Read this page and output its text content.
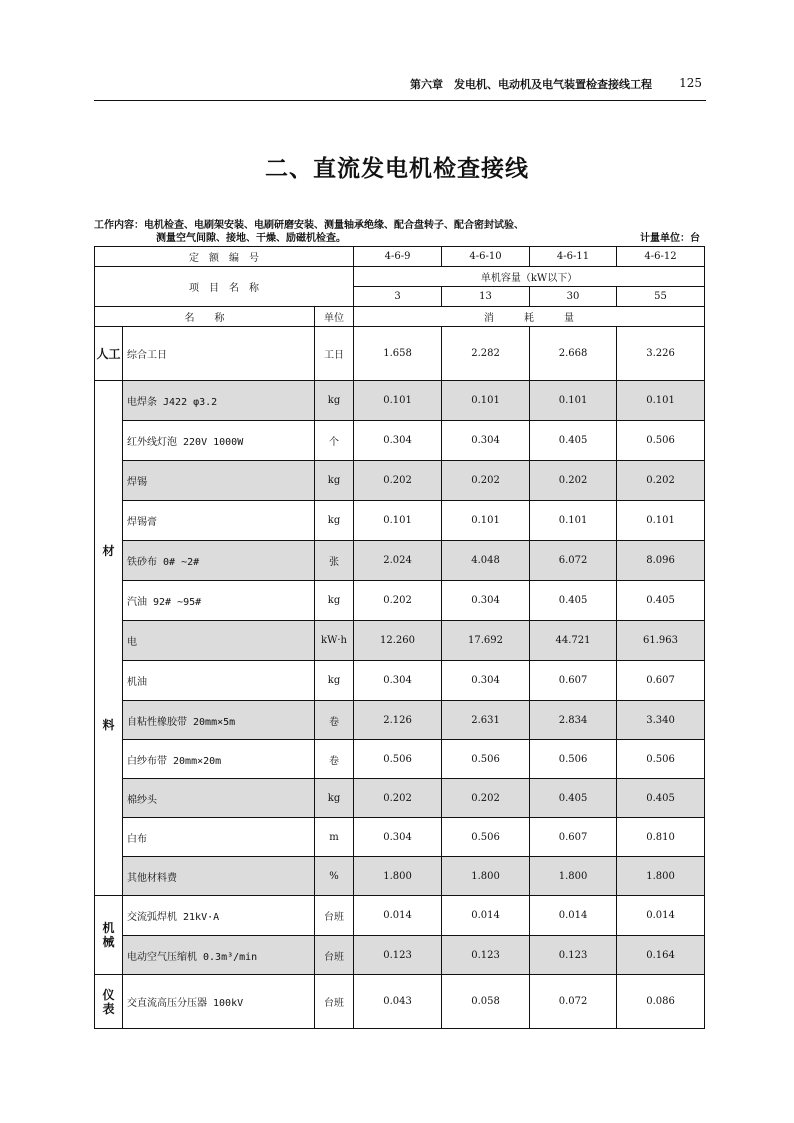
第六章　发电机、电动机及电气装置检查接线工程 125
二、直流发电机检查接线
工作内容：电机检查、电刷架安装、电刷研磨安装、测量轴承绝缘、配合盘转子、配合密封试验、
测量空气间隙、接地、干燥、励磁机检查。	计量单位：台
定　额　编　号			4-6-9	4-6-10	4-6-11	4-6-12
项　目　名　称			单机容量（kW以下）			
			3	13	30	55
名　　称		单位	消　　　耗　　　量			
人工	综合工日	工日	1.658	2.282	2.668	3.226

材
料	电焊条 J422 φ3.2	kg	0.101	0.101	0.101	0.101
	红外线灯泡 220V 1000W	个	0.304	0.304	0.405	0.506
	焊锡	kg	0.202	0.202	0.202	0.202
	焊锡膏	kg	0.101	0.101	0.101	0.101
	铁砂布 0# ~2#	张	2.024	4.048	6.072	8.096
	汽油 92# ~95#	kg	0.202	0.304	0.405	0.405
	电	kW·h	12.260	17.692	44.721	61.963
	机油	kg	0.304	0.304	0.607	0.607
	自粘性橡胶带 20mm×5m	卷	2.126	2.631	2.834	3.340
	白纱布带 20mm×20m	卷	0.506	0.506	0.506	0.506
	棉纱头	kg	0.202	0.202	0.405	0.405
	白布	m	0.304	0.506	0.607	0.810
	其他材料费	%	1.800	1.800	1.800	1.800
机械	交流弧焊机 21kV·A	台班	0.014	0.014	0.014	0.014
	电动空气压缩机 0.3m³/min	台班	0.123	0.123	0.123	0.164
仪表	交直流高压分压器 100kV	台班	0.043	0.058	0.072	0.086
